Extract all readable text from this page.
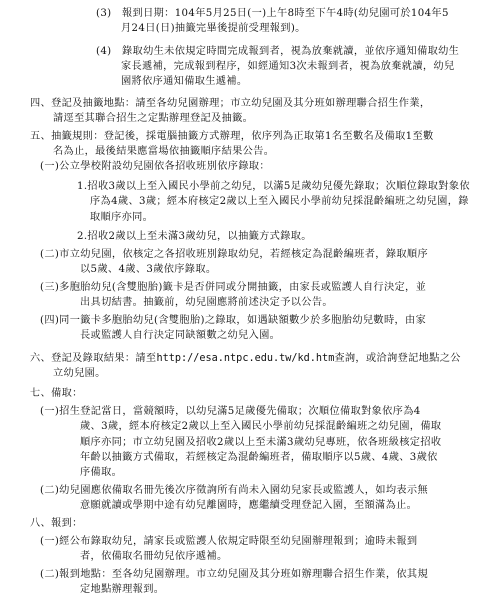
(3)　報到日期：104年5月25日(一)上午8時至下午4時(幼兒園可於104年5
月24日(日)抽籤完畢後提前受理報到)。
(4)　錄取幼生未依規定時間完成報到者，視為放棄就讀，並依序通知備取幼生
家長遞補，完成報到程序，如經通知3次未報到者，視為放棄就讀，幼兒
園將依序通知備取生遞補。
四、登記及抽籤地點：請至各幼兒園辦理；市立幼兒園及其分班如辦理聯合招生作業，
請逕至其聯合招生之定點辦理登記及抽籤。
五、抽籤規則：登記後，採電腦抽籤方式辦理，依序列為正取第1名至數名及備取1至數
名為止，最後結果應當場依抽籤順序結果公告。
(一)公立學校附設幼兒園依各招收班別依序錄取：
1.招收3歲以上至入國民小學前之幼兒，以滿5足歲幼兒優先錄取；次順位錄取對象依
序為4歲、3歲；經本府核定2歲以上至入國民小學前幼兒採混齡編班之幼兒園，錄
取順序亦同。
2.招收2歲以上至未滿3歲幼兒，以抽籤方式錄取。
(二)市立幼兒園，依核定之各招收班別錄取幼兒，若經核定為混齡編班者，錄取順序
以5歲、4歲、3歲依序錄取。
(三)多胞胎幼兒(含雙胞胎)籤卡是否併同或分開抽籤，由家長或監護人自行決定，並
出具切結書。抽籤前，幼兒園應將前述決定予以公告。
(四)同一籤卡多胞胎幼兒(含雙胞胎)之錄取，如遇缺額數少於多胞胎幼兒數時，由家
長或監護人自行決定同缺額數之幼兒入園。
六、登記及錄取結果：請至http://esa.ntpc.edu.tw/kd.htm查詢，或洽詢登記地點之公
立幼兒園。
七、備取：
(一)招生登記當日，當競額時，以幼兒滿5足歲優先備取；次順位備取對象依序為4
歲、3歲，經本府核定2歲以上至入國民小學前幼兒採混齡編班之幼兒園，備取
順序亦同；市立幼兒園及招收2歲以上至未滿3歲幼兒專班，依各班級核定招收
年齡以抽籤方式備取，若經核定為混齡編班者，備取順序以5歲、4歲、3歲依
序備取。
(二)幼兒園應依備取名冊先後次序徵詢所有尚未入園幼兒家長或監護人，如均表示無
意願就讀或學期中途有幼兒離園時，應繼續受理登記入園，至額滿為止。
八、報到：
(一)經公布錄取幼兒，請家長或監護人依規定時限至幼兒園辦理報到；逾時未報到
者，依備取名冊幼兒依序遞補。
(二)報到地點：至各幼兒園辦理。市立幼兒園及其分班如辦理聯合招生作業，依其規
定地點辦理報到。
